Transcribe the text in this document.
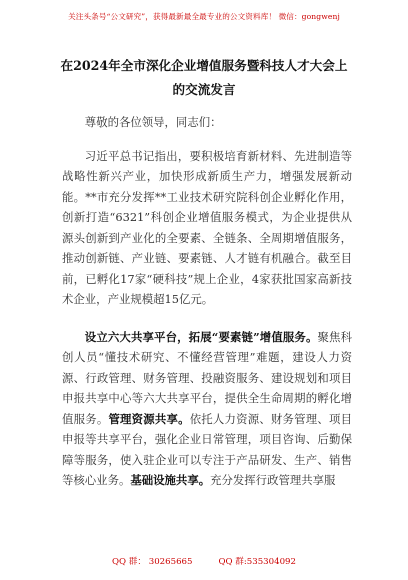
关注头条号“公文研究”，获得最新最全最专业的公文资料库！ 微信：gongwenj
在2024年全市深化企业增值服务暨科技人才大会上的交流发言

尊敬的各位领导，同志们：

习近平总书记指出，要积极培育新材料、先进制造等战略性新兴产业，加快形成新质生产力，增强发展新动能。**市充分发挥**工业技术研究院科创企业孵化作用，创新打造“6321”科创企业增值服务模式，为企业提供从源头创新到产业化的全要素、全链条、全周期增值服务，推动创新链、产业链、要素链、人才链有机融合。截至目前，已孵化17家“硬科技”规上企业，4家获批国家高新技术企业，产业规模超15亿元。

设立六大共享平台，拓展“要素链”增值服务。聚焦科创人员“懂技术研究、不懂经营管理”难题，建设人力资源、行政管理、财务管理、投融资服务、建设规划和项目申报共享中心等六大共享平台，提供全生命周期的孵化增值服务。管理资源共享。依托人力资源、财务管理、项目申报等共享平台，强化企业日常管理，项目咨询、后勤保障等服务，使入驻企业可以专注于产品研发、生产、销售等核心业务。基础设施共享。充分发挥行政管理共享服

QQ 群： 30265665	QQ 群:535304092
